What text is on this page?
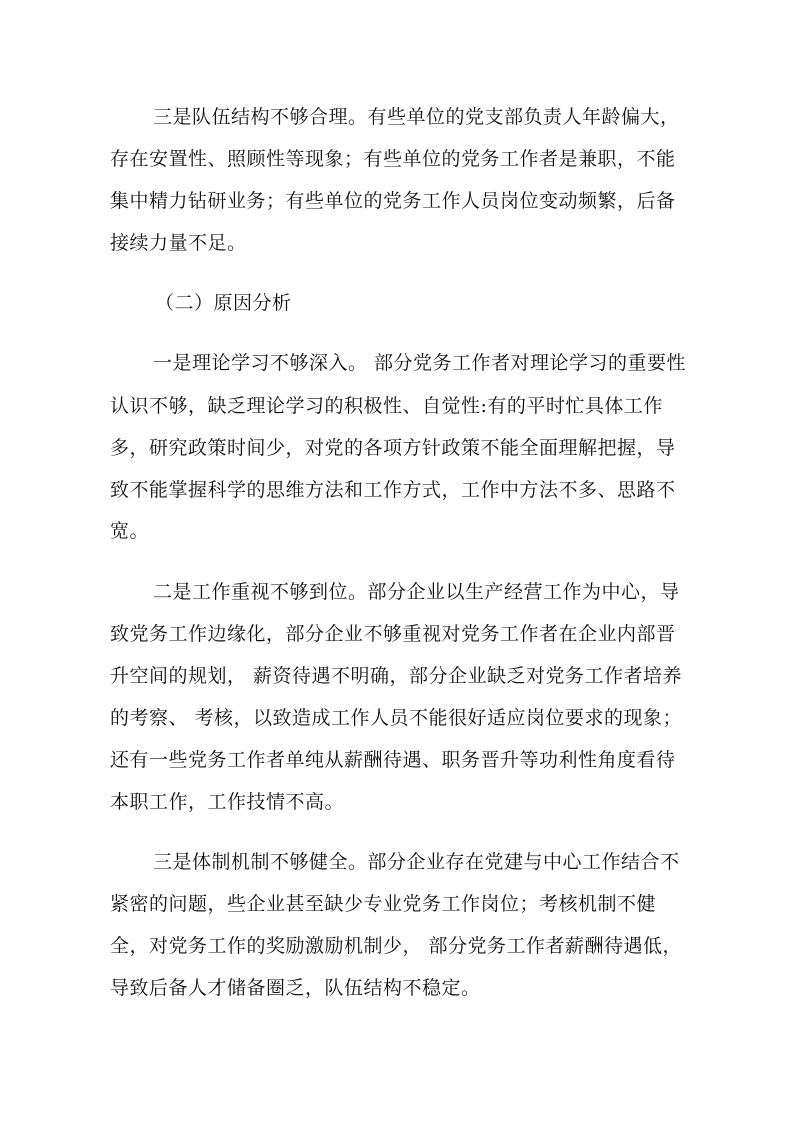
三是队伍结构不够合理。有些单位的党支部负责人年龄偏大，
存在安置性、照顾性等现象；有些单位的党务工作者是兼职，不能
集中精力钻研业务；有些单位的党务工作人员岗位变动频繁，后备
接续力量不足。
（二）原因分析
一是理论学习不够深入。 部分党务工作者对理论学习的重要性
认识不够，缺乏理论学习的积极性、自觉性:有的平时忙具体工作
多，研究政策时间少，对党的各项方针政策不能全面理解把握，导
致不能掌握科学的思维方法和工作方式，工作中方法不多、思路不
宽。
二是工作重视不够到位。部分企业以生产经营工作为中心，导
致党务工作边缘化，部分企业不够重视对党务工作者在企业内部晋
升空间的规划， 薪资待遇不明确，部分企业缺乏对党务工作者培养
的考察、 考核，以致造成工作人员不能很好适应岗位要求的现象；
还有一些党务工作者单纯从薪酬待遇、职务晋升等功利性角度看待
本职工作，工作技情不高。
三是体制机制不够健全。部分企业存在党建与中心工作结合不
紧密的问题，些企业甚至缺少专业党务工作岗位；考核机制不健
全，对党务工作的奖励激励机制少， 部分党务工作者薪酬待遇低，
导致后备人才储备圈乏，队伍结构不稳定。
